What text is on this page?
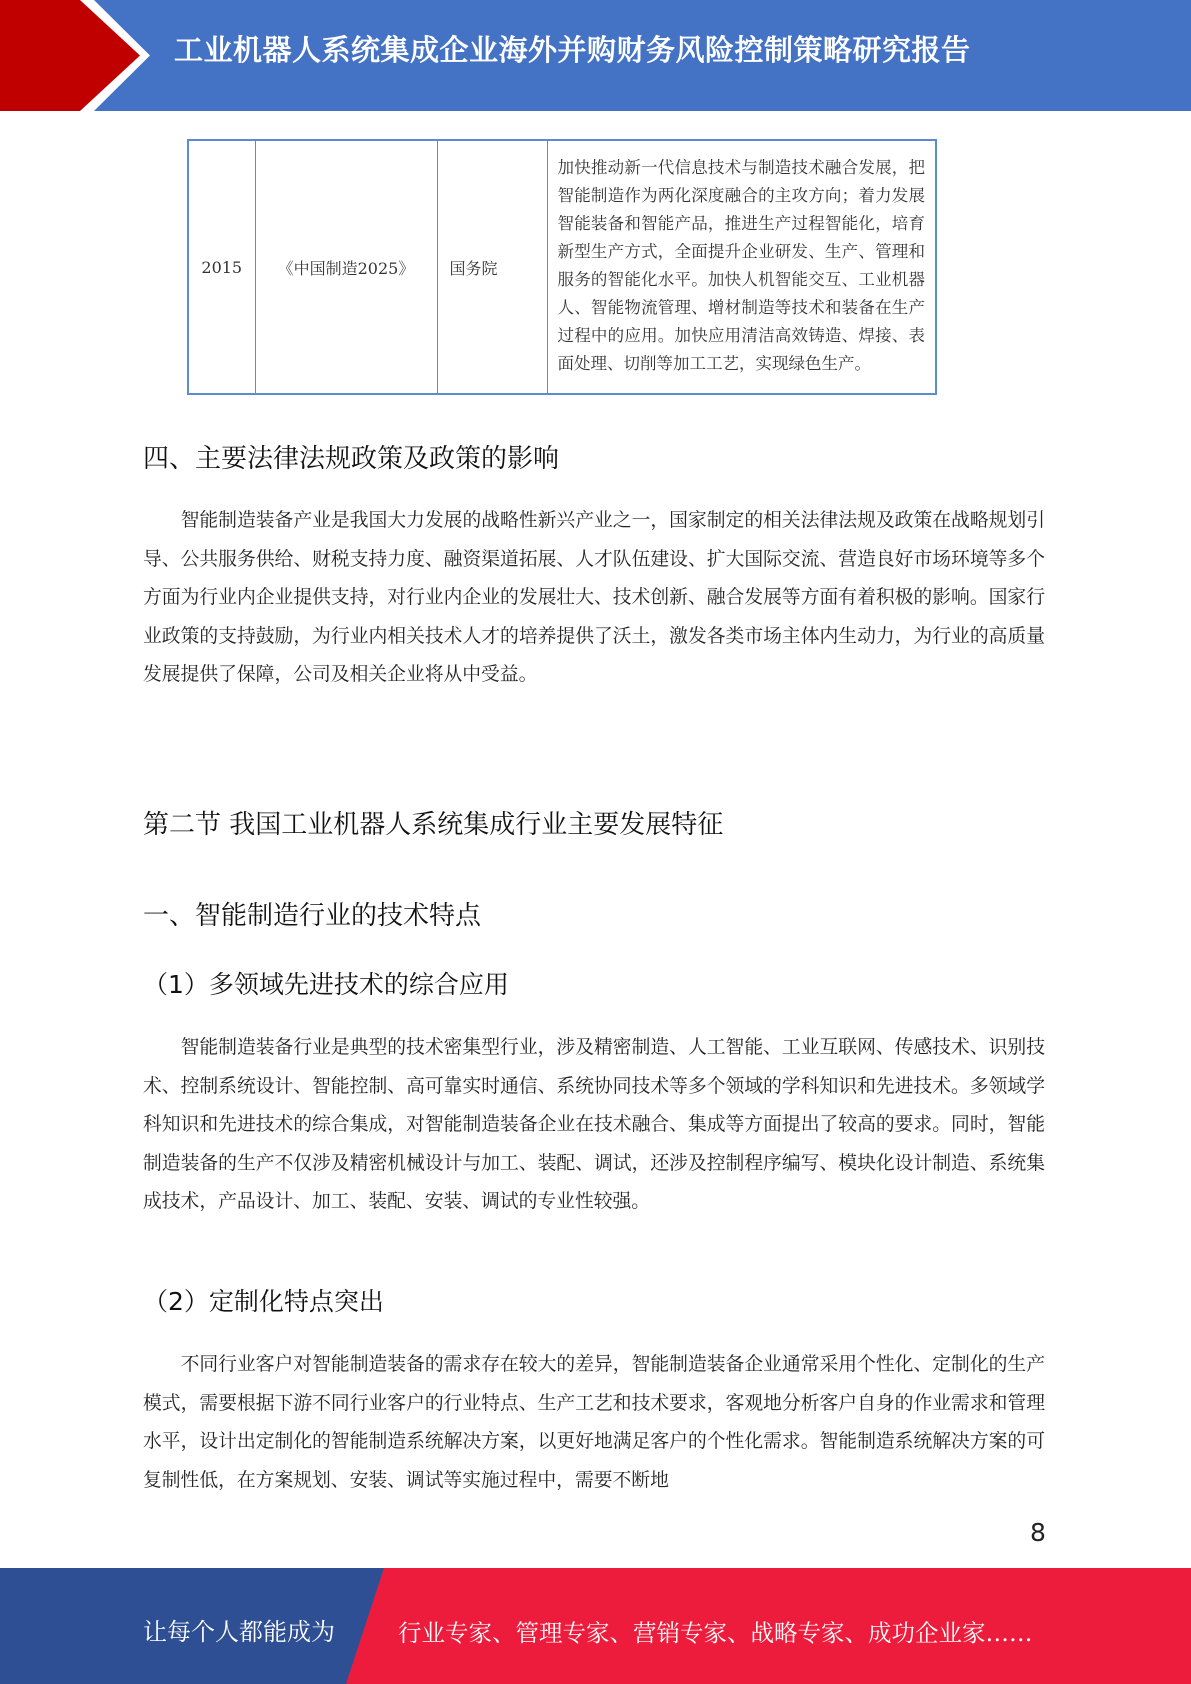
工业机器人系统集成企业海外并购财务风险控制策略研究报告
2015	《中国制造2025》	国务院	加快推动新一代信息技术与制造技术融合发展，把智能制造作为两化深度融合的主攻方向；着力发展智能装备和智能产品，推进生产过程智能化，培育新型生产方式，全面提升企业研发、生产、管理和服务的智能化水平。加快人机智能交互、工业机器人、智能物流管理、增材制造等技术和装备在生产过程中的应用。加快应用清洁高效铸造、焊接、表面处理、切削等加工工艺，实现绿色生产。
四、主要法律法规政策及政策的影响
智能制造装备产业是我国大力发展的战略性新兴产业之一，国家制定的相关法律法规及政策在战略规划引导、公共服务供给、财税支持力度、融资渠道拓展、人才队伍建设、扩大国际交流、营造良好市场环境等多个方面为行业内企业提供支持，对行业内企业的发展壮大、技术创新、融合发展等方面有着积极的影响。国家行业政策的支持鼓励，为行业内相关技术人才的培养提供了沃土，激发各类市场主体内生动力，为行业的高质量发展提供了保障，公司及相关企业将从中受益。
第二节 我国工业机器人系统集成行业主要发展特征
一、智能制造行业的技术特点
（1）多领域先进技术的综合应用
智能制造装备行业是典型的技术密集型行业，涉及精密制造、人工智能、工业互联网、传感技术、识别技术、控制系统设计、智能控制、高可靠实时通信、系统协同技术等多个领域的学科知识和先进技术。多领域学科知识和先进技术的综合集成，对智能制造装备企业在技术融合、集成等方面提出了较高的要求。同时，智能制造装备的生产不仅涉及精密机械设计与加工、装配、调试，还涉及控制程序编写、模块化设计制造、系统集成技术，产品设计、加工、装配、安装、调试的专业性较强。
（2）定制化特点突出
不同行业客户对智能制造装备的需求存在较大的差异，智能制造装备企业通常采用个性化、定制化的生产模式，需要根据下游不同行业客户的行业特点、生产工艺和技术要求，客观地分析客户自身的作业需求和管理水平，设计出定制化的智能制造系统解决方案，以更好地满足客户的个性化需求。智能制造系统解决方案的可复制性低，在方案规划、安装、调试等实施过程中，需要不断地
8
让每个人都能成为	行业专家、管理专家、营销专家、战略专家、成功企业家……
